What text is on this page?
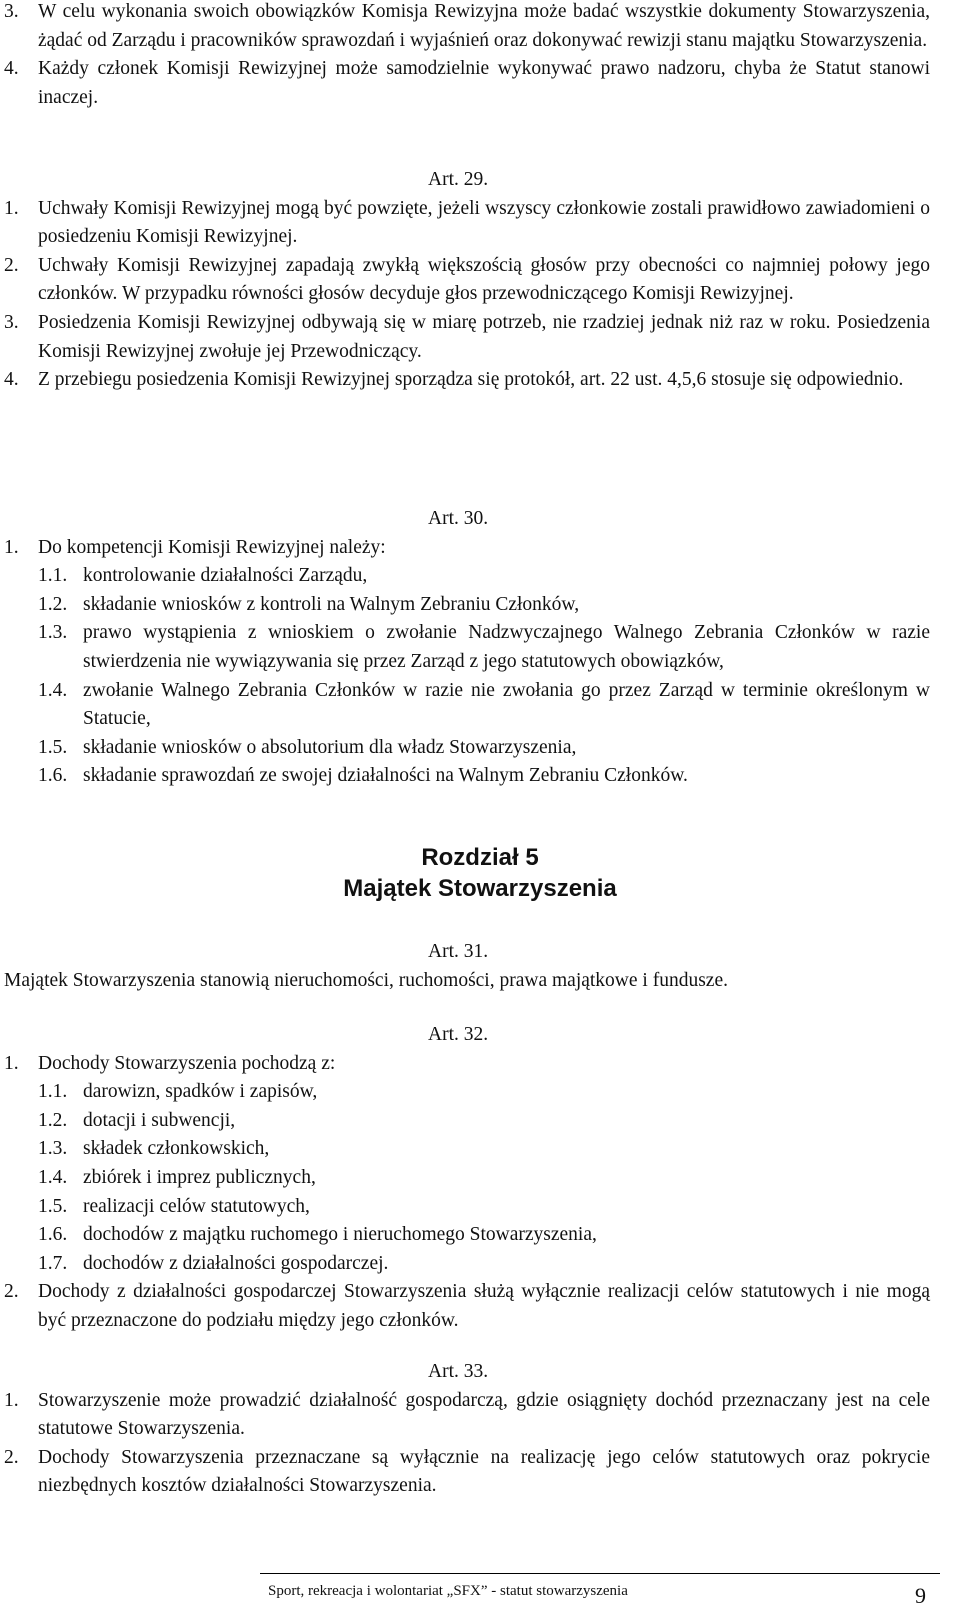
3. W celu wykonania swoich obowiązków Komisja Rewizyjna może badać wszystkie dokumenty Stowarzyszenia, żądać od Zarządu i pracowników sprawozdań i wyjaśnień oraz dokonywać rewizji stanu majątku Stowarzyszenia.
4. Każdy członek Komisji Rewizyjnej może samodzielnie wykonywać prawo nadzoru, chyba że Statut stanowi inaczej.

Art. 29.

1. Uchwały Komisji Rewizyjnej mogą być powzięte, jeżeli wszyscy członkowie zostali prawidłowo zawiadomieni o posiedzeniu Komisji Rewizyjnej.
2. Uchwały Komisji Rewizyjnej zapadają zwykłą większością głosów przy obecności co najmniej połowy jego członków. W przypadku równości głosów decyduje głos przewodniczącego Komisji Rewizyjnej.
3. Posiedzenia Komisji Rewizyjnej odbywają się w miarę potrzeb, nie rzadziej jednak niż raz w roku. Posiedzenia Komisji Rewizyjnej zwołuje jej Przewodniczący.
4. Z przebiegu posiedzenia Komisji Rewizyjnej sporządza się protokół, art. 22 ust. 4,5,6 stosuje się odpowiednio.

Art. 30.

1. Do kompetencji Komisji Rewizyjnej należy:
1.1. kontrolowanie działalności Zarządu,
1.2. składanie wniosków z kontroli na Walnym Zebraniu Członków,
1.3. prawo wystąpienia z wnioskiem o zwołanie Nadzwyczajnego Walnego Zebrania Członków w razie stwierdzenia nie wywiązywania się przez Zarząd z jego statutowych obowiązków,
1.4. zwołanie Walnego Zebrania Członków w razie nie zwołania go przez Zarząd w terminie określonym w Statucie,
1.5. składanie wniosków o absolutorium dla władz Stowarzyszenia,
1.6. składanie sprawozdań ze swojej działalności na Walnym Zebraniu Członków.

Rozdział 5

Majątek Stowarzyszenia

Art. 31.

Majątek Stowarzyszenia stanowią nieruchomości, ruchomości, prawa majątkowe i fundusze.

Art. 32.

1. Dochody Stowarzyszenia pochodzą z:
1.1. darowizn, spadków i zapisów,
1.2. dotacji i subwencji,
1.3. składek członkowskich,
1.4. zbiórek i imprez publicznych,
1.5. realizacji celów statutowych,
1.6. dochodów z majątku ruchomego i nieruchomego Stowarzyszenia,
1.7. dochodów z działalności gospodarczej.
2. Dochody z działalności gospodarczej Stowarzyszenia służą wyłącznie realizacji celów statutowych i nie mogą być przeznaczone do podziału między jego członków.

Art. 33.

1. Stowarzyszenie może prowadzić działalność gospodarczą, gdzie osiągnięty dochód przeznaczany jest na cele statutowe Stowarzyszenia.
2. Dochody Stowarzyszenia przeznaczane są wyłącznie na realizację jego celów statutowych oraz pokrycie niezbędnych kosztów działalności Stowarzyszenia.
Sport, rekreacja i wolontariat „SFX” - statut stowarzyszenia	9
